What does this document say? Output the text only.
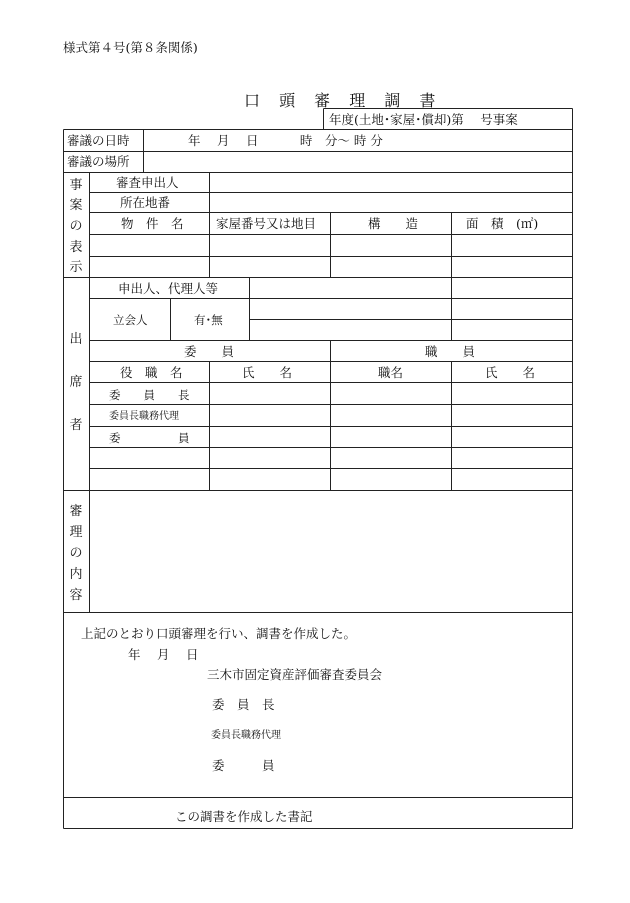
様式第４号(第８条関係)
口 頭 審 理 調 書
年度(土地･家屋･償却)第　 号事案
審議の日時	年　 月　 日　　　 時　分〜 時 分
審議の場所
事
案
の
表
示
審査申出人
所在地番
物　件　名	家屋番号又は地目	構　　造	面　積　(㎡)
出
席
者
申出人、代理人等
立会人	有･無
委　　員	職　　員
役　職　名	氏　　名	職名	氏　　名
委　　員　　長
委員長職務代理
委　　　　　員
審
理
の
内
容
上記のとおり口頭審理を行い、調書を作成した。
年　 月　 日
三木市固定資産評価審査委員会
委　員　長
委員長職務代理
委　　　員
この調書を作成した書記
